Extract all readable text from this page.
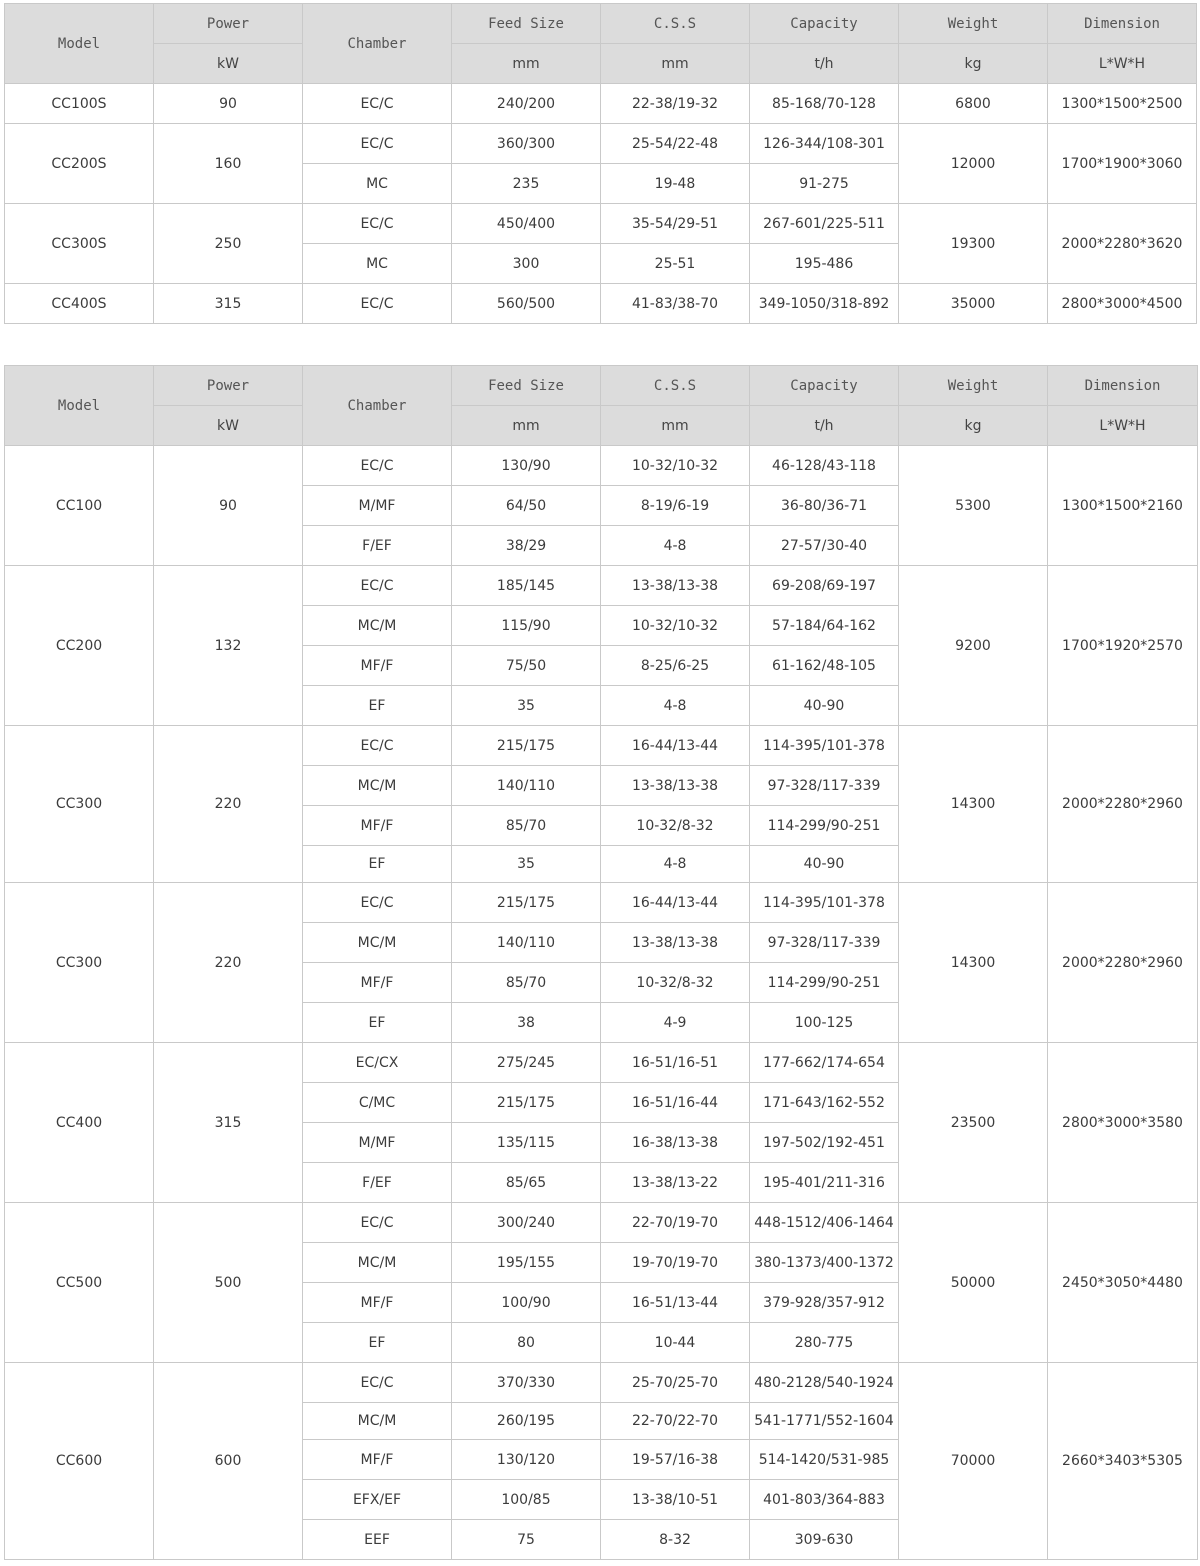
Model	Power	Chamber	Feed Size	C.S.S	Capacity	Weight	Dimension
	kW		mm	mm	t/h	kg	L*W*H
CC100S	90	EC/C	240/200	22-38/19-32	85-168/70-128	6800	1300*1500*2500
CC200S	160	EC/C	360/300	25-54/22-48	126-344/108-301	12000	1700*1900*3060
		MC	235	19-48	91-275		
CC300S	250	EC/C	450/400	35-54/29-51	267-601/225-511	19300	2000*2280*3620
		MC	300	25-51	195-486		
CC400S	315	EC/C	560/500	41-83/38-70	349-1050/318-892	35000	2800*3000*4500
Model	Power	Chamber	Feed Size	C.S.S	Capacity	Weight	Dimension
	kW		mm	mm	t/h	kg	L*W*H
CC100	90	EC/C	130/90	10-32/10-32	46-128/43-118	5300	1300*1500*2160
		M/MF	64/50	8-19/6-19	36-80/36-71		
		F/EF	38/29	4-8	27-57/30-40		
CC200	132	EC/C	185/145	13-38/13-38	69-208/69-197	9200	1700*1920*2570
		MC/M	115/90	10-32/10-32	57-184/64-162		
		MF/F	75/50	8-25/6-25	61-162/48-105		
		EF	35	4-8	40-90		
CC300	220	EC/C	215/175	16-44/13-44	114-395/101-378	14300	2000*2280*2960
		MC/M	140/110	13-38/13-38	97-328/117-339		
		MF/F	85/70	10-32/8-32	114-299/90-251		
		EF	35	4-8	40-90		
CC300	220	EC/C	215/175	16-44/13-44	114-395/101-378	14300	2000*2280*2960
		MC/M	140/110	13-38/13-38	97-328/117-339		
		MF/F	85/70	10-32/8-32	114-299/90-251		
		EF	38	4-9	100-125		
CC400	315	EC/CX	275/245	16-51/16-51	177-662/174-654	23500	2800*3000*3580
		C/MC	215/175	16-51/16-44	171-643/162-552		
		M/MF	135/115	16-38/13-38	197-502/192-451		
		F/EF	85/65	13-38/13-22	195-401/211-316		
CC500	500	EC/C	300/240	22-70/19-70	448-1512/406-1464	50000	2450*3050*4480
		MC/M	195/155	19-70/19-70	380-1373/400-1372		
		MF/F	100/90	16-51/13-44	379-928/357-912		
		EF	80	10-44	280-775		
CC600	600	EC/C	370/330	25-70/25-70	480-2128/540-1924	70000	2660*3403*5305
		MC/M	260/195	22-70/22-70	541-1771/552-1604		
		MF/F	130/120	19-57/16-38	514-1420/531-985		
		EFX/EF	100/85	13-38/10-51	401-803/364-883		
		EEF	75	8-32	309-630		
